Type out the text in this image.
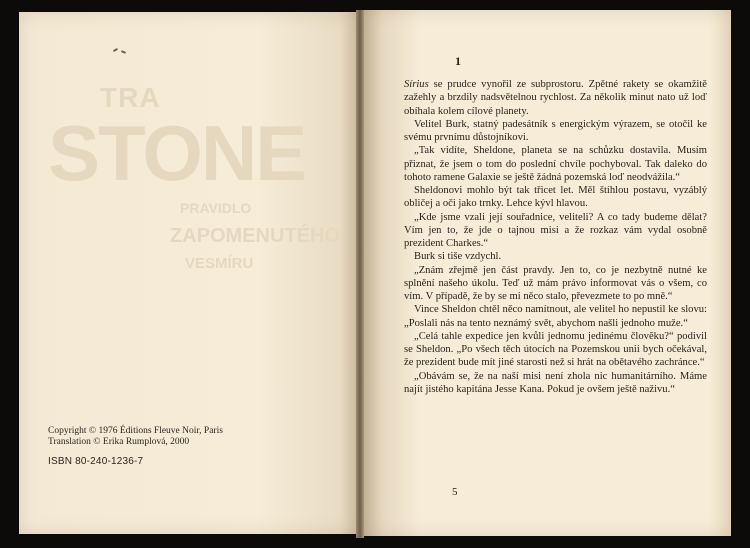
TRA
STONE
PRAVIDLO
ZAPOMENUTÉHO
VESMÍRU
Copyright © 1976 Éditions Fleuve Noir, Paris
Translation © Erika Rumplová, 2000
ISBN 80-240-1236-7
1

Sírius se prudce vynořil ze subprostoru. Zpětné rakety se okamžitě zažehly a brzdily nadsvětelnou rychlost. Za několik minut nato už loď obíhala kolem cílové planety.

Velitel Burk, statný padesátník s energickým výrazem, se otočil ke svému prvnímu důstojníkovi.

„Tak vidíte, Sheldone, planeta se na schůzku dostavila. Musím přiznat, že jsem o tom do poslední chvíle pochyboval. Tak daleko do tohoto ramene Galaxie se ještě žádná pozemská loď neodvážila.“

Sheldonovi mohlo být tak třicet let. Měl štíhlou postavu, vyzáblý obličej a oči jako trnky. Lehce kývl hlavou.

„Kde jsme vzali její souřadnice, veliteli? A co tady budeme dělat? Vím jen to, že jde o tajnou misi a že rozkaz vám vydal osobně prezident Charkes.“

Burk si tiše vzdychl.

„Znám zřejmě jen část pravdy. Jen to, co je nezbytně nutné ke splnění našeho úkolu. Teď už mám právo informovat vás o všem, co vím. V případě, že by se mi něco stalo, převezmete to po mně.“

Vince Sheldon chtěl něco namítnout, ale velitel ho nepustil ke slovu: „Poslali nás na tento neznámý svět, abychom našli jednoho muže.“

„Celá tahle expedice jen kvůli jednomu jedinému človĕku?“ podivil se Sheldon. „Po všech těch útocích na Pozemskou unii bych očekával, že prezident bude mít jiné starosti než si hrát na obětavého zachránce.“

„Obávám se, že na naší misi není zhola nic humanitárního. Máme najít jistého kapitána Jesse Kana. Pokud je ovšem ještě naživu.“

5
